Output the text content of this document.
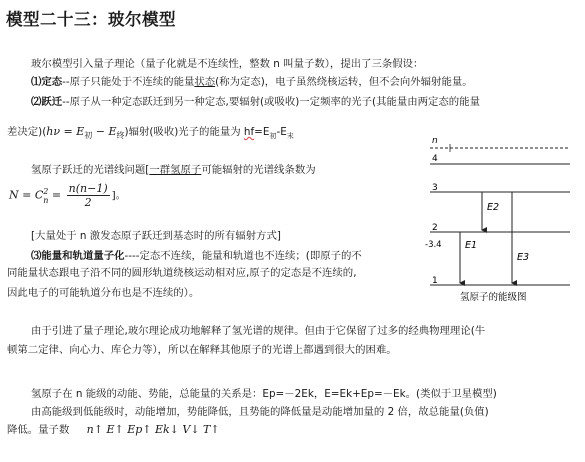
模型二十三：玻尔模型
玻尔模型引入量子理论（量子化就是不连续性，整数 n 叫量子数），提出了三条假设：
⑴定态--原子只能处于不连续的能量状态(称为定态)，电子虽然绕核运转，但不会向外辐射能量。
⑵跃迁--原子从一种定态跃迁到另一种定态,要辐射(或吸收)一定频率的光子(其能量由两定态的能量
差决定)$(h\nu = E_初 - E_终)$辐射(吸收)光子的能量为 $hf=E_初-E_末$
氢原子跃迁的光谱线问题[一群氢原子可能辐射的光谱线条数为
N = C 2
$n = \frac{n(n-1)}{2}$ ]。
[大量处于 n 激发态原子跃迁到基态时的所有辐射方式]
⑶能量和轨道量子化----定态不连续，能量和轨道也不连续；(即原子的不
同能量状态跟电子沿不同的圆形轨道绕核运动相对应,原子的定态是不连续的,
因此电子的可能轨道分布也是不连续的）。
n
4
3
2
-3.4
1
E1
E2
E3
氢原子的能级图
由于引进了量子理论,玻尔理论成功地解释了氢光谱的规律。但由于它保留了过多的经典物理理论(牛
顿第二定律、向心力、库仑力等），所以在解释其他原子的光谱上都遇到很大的困难。
氢原子在 n 能级的动能、势能，总能量的关系是：Ep=－2Ek，E=Ek+Ep=－Ek。(类似于卫星模型)
由高能级到低能级时，动能增加，势能降低，且势能的降低量是动能增加量的 2 倍，故总能量(负值)
降低。量子数 n↑ E↑ Ep↑ Ek↓ V↓ T↑
